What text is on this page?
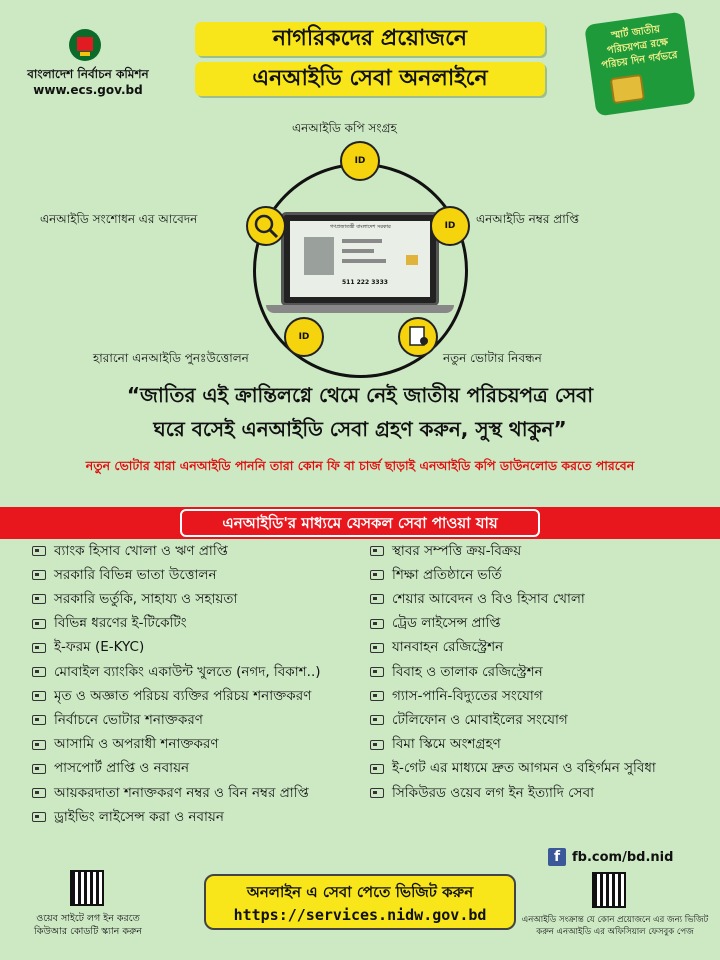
বাংলাদেশ নির্বাচন কমিশন
www.ecs.gov.bd
নাগরিকদের প্রয়োজনে
এনআইডি সেবা অনলাইনে
স্মার্ট জাতীয় পরিচয়পত্র রক্ষে পরিচয় দিন গর্বভরে
গণপ্রজাতন্ত্রী বাংলাদেশ সরকার
511 222 3333
ID
ID
ID
এনআইডি কপি সংগ্রহ
এনআইডি নম্বর প্রাপ্তি
এনআইডি সংশোধন এর আবেদন
হারানো এনআইডি পুনঃউত্তোলন	নতুন ভোটার নিবন্ধন
“জাতির এই ক্রান্তিলগ্নে থেমে নেই জাতীয় পরিচয়পত্র সেবা
ঘরে বসেই এনআইডি সেবা গ্রহণ করুন, সুস্থ থাকুন”
নতুন ভোটার যারা এনআইডি পাননি তারা কোন ফি বা চার্জ ছাড়াই এনআইডি কপি ডাউনলোড করতে পারবেন
এনআইডি'র মাধ্যমে যেসকল সেবা পাওয়া যায়
ব্যাংক হিসাব খোলা ও ঋণ প্রাপ্তি
সরকারি বিভিন্ন ভাতা উত্তোলন
সরকারি ভর্তুকি, সাহায্য ও সহায়তা
বিভিন্ন ধরণের ই-টিকেটিং
ই-ফরম (E-KYC)
মোবাইল ব্যাংকিং একাউন্ট খুলতে (নগদ, বিকাশ..)
মৃত ও অজ্ঞাত পরিচয় ব্যক্তির পরিচয় শনাক্তকরণ
নির্বাচনে ভোটার শনাক্তকরণ
আসামি ও অপরাধী শনাক্তকরণ
পাসপোর্ট প্রাপ্তি ও নবায়ন
আয়করদাতা শনাক্তকরণ নম্বর ও বিন নম্বর প্রাপ্তি
ড্রাইভিং লাইসেন্স করা ও নবায়ন
স্থাবর সম্পত্তি ক্রয়-বিক্রয়
শিক্ষা প্রতিষ্ঠানে ভর্তি
শেয়ার আবেদন ও বিও হিসাব খোলা
ট্রেড লাইসেন্স প্রাপ্তি
যানবাহন রেজিস্ট্রেশন
বিবাহ ও তালাক রেজিস্ট্রেশন
গ্যাস-পানি-বিদ্যুতের সংযোগ
টেলিফোন ও মোবাইলের সংযোগ
বিমা স্কিমে অংশগ্রহণ
ই-গেট এর মাধ্যমে দ্রুত আগমন ও বহির্গমন সুবিধা
সিকিউরড ওয়েব লগ ইন ইত্যাদি সেবা
ওয়েব সাইটে লগ ইন করতে
কিউআর কোডটি স্ক্যান করুন
f fb.com/bd.nid
এনআইডি সংক্রান্ত যে কোন প্রয়োজনে এর জন্য ভিজিট
করুন এনআইডি এর অফিসিয়াল ফেসবুক পেজ
অনলাইন এ সেবা পেতে ভিজিট করুন
https://services.nidw.gov.bd
